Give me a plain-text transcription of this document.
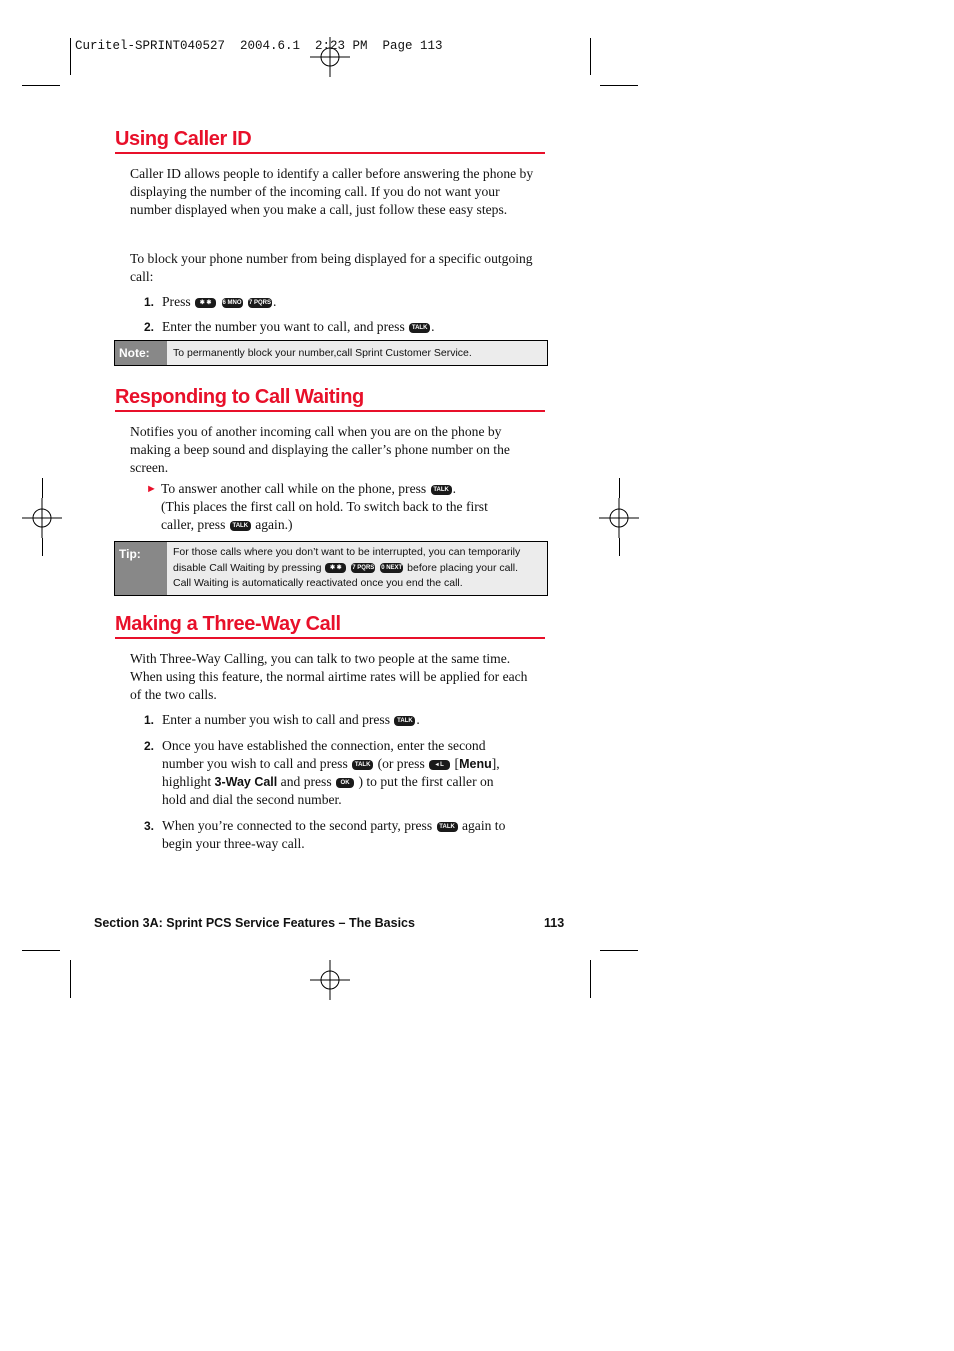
Curitel-SPRINT040527  2004.6.1  2:23 PM  Page 113
Using Caller ID
Caller ID allows people to identify a caller before answering the phone by displaying the number of the incoming call. If you do not want your number displayed when you make a call, just follow these easy steps.
To block your phone number from being displayed for a specific outgoing call:
1. Press ✱ ✱ 6 MNO 7 PQRS .
2. Enter the number you want to call, and press TALK .
Note:	To permanently block your number,call Sprint Customer Service.
Responding to Call Waiting
Notifies you of another incoming call when you are on the phone by making a beep sound and displaying the caller’s phone number on the screen.
► To answer another call while on the phone, press TALK .
(This places the first call on hold. To switch back to the first
caller, press TALK again.)
Tip:	For those calls where you don’t want to be interrupted, you can temporarily
disable Call Waiting by pressing ✱ ✱ 7 PQRS 0 NEXT before placing your call.
Call Waiting is automatically reactivated once you end the call.
Making a Three-Way Call
With Three-Way Calling, you can talk to two people at the same time. When using this feature, the normal airtime rates will be applied for each of the two calls.
1. Enter a number you wish to call and press TALK .
2. Once you have established the connection, enter the second
number you wish to call and press TALK (or press ◂ L [Menu],
highlight 3-Way Call and press OK ) to put the first caller on
hold and dial the second number.
3. When you’re connected to the second party, press TALK again to
begin your three-way call.
Section 3A: Sprint PCS Service Features – The Basics	113
